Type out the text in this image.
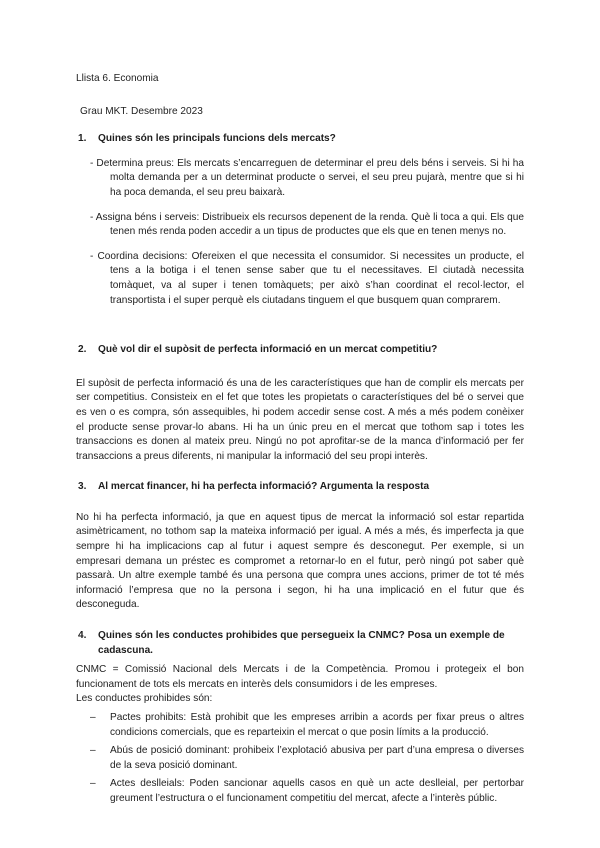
Llista 6. Economia

Grau MKT. Desembre 2023

1.	Quines són les principals funcions dels mercats?

- Determina preus: Els mercats s’encarreguen de determinar el preu dels béns i serveis. Si hi ha molta demanda per a un determinat producte o servei, el seu preu pujarà, mentre que si hi ha poca demanda, el seu preu baixarà.

- Assigna béns i serveis: Distribueix els recursos depenent de la renda. Què li toca a qui. Els que tenen més renda poden accedir a un tipus de productes que els que en tenen menys no.

- Coordina decisions: Ofereixen el que necessita el consumidor. Si necessites un producte, el tens a la botiga i el tenen sense saber que tu el necessitaves. El ciutadà necessita tomàquet, va al super i tenen tomàquets; per això s’han coordinat el recol·lector, el transportista i el super perquè els ciutadans tinguem el que busquem quan comprarem.

2.	Què vol dir el supòsit de perfecta informació en un mercat competitiu?

El supòsit de perfecta informació és una de les característiques que han de complir els mercats per ser competitius. Consisteix en el fet que totes les propietats o característiques del bé o servei que es ven o es compra, són assequibles, hi podem accedir sense cost. A més a més podem conèixer el producte sense provar-lo abans. Hi ha un únic preu en el mercat que tothom sap i totes les transaccions es donen al mateix preu. Ningú no pot aprofitar-se de la manca d’informació per fer transaccions a preus diferents, ni manipular la informació del seu propi interès.

3.	Al mercat financer, hi ha perfecta informació? Argumenta la resposta

No hi ha perfecta informació, ja que en aquest tipus de mercat la informació sol estar repartida asimètricament, no tothom sap la mateixa informació per igual. A més a més, és imperfecta ja que sempre hi ha implicacions cap al futur i aquest sempre és desconegut. Per exemple, si un empresari demana un préstec es compromet a retornar-lo en el futur, però ningú pot saber què passarà. Un altre exemple també és una persona que compra unes accions, primer de tot té més informació l’empresa que no la persona i segon, hi ha una implicació en el futur que és desconeguda.

4.	Quines són les conductes prohibides que persegueix la CNMC? Posa un exemple de cadascuna.

CNMC = Comissió Nacional dels Mercats i de la Competència. Promou i protegeix el bon funcionament de tots els mercats en interès dels consumidors i de les empreses.

Les conductes prohibides són:

–	Pactes prohibits: Està prohibit que les empreses arribin a acords per fixar preus o altres condicions comercials, que es reparteixin el mercat o que posin límits a la producció.
–	Abús de posició dominant: prohibeix l’explotació abusiva per part d’una empresa o diverses de la seva posició dominant.
–	Actes deslleials: Poden sancionar aquells casos en què un acte deslleial, per pertorbar greument l’estructura o el funcionament competitiu del mercat, afecte a l’interès públic.
